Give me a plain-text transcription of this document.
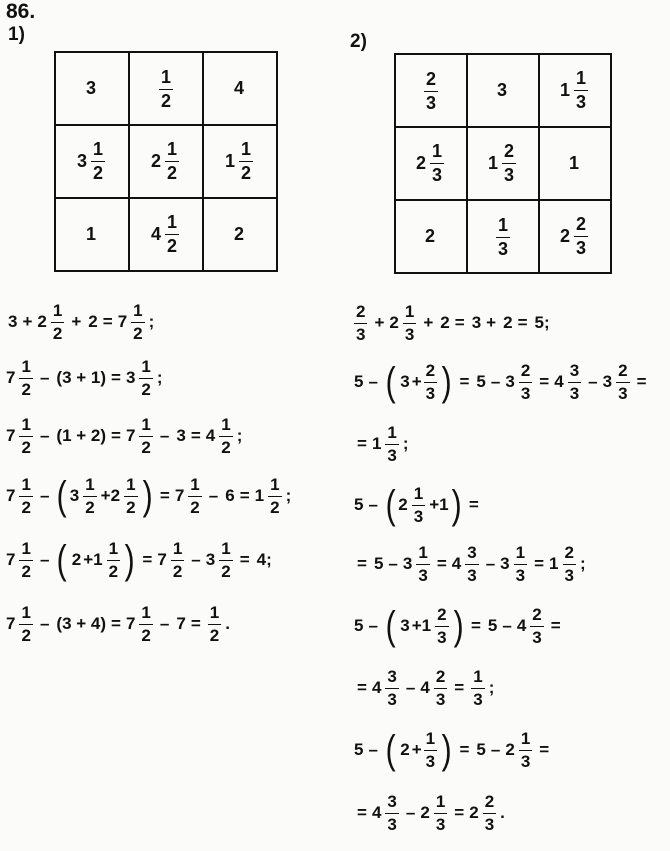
86.
1)	2)
3	$\frac{1}{2}$	4

$3 \frac{1}{2}$	$2 \frac{1}{2}$	$1 \frac{1}{2}$

1	$4 \frac{1}{2}$	2
$\frac{2}{3}$	3	$1 \frac{1}{3}$

$2 \frac{1}{3}$	$1 \frac{2}{3}$	1

2	$\frac{1}{3}$	$2 \frac{2}{3}$
$3 + 2 \frac{1}{2} + 2 = 7 \frac{1}{2}$ ;
$7 \frac{1}{2} - (3 + 1) = 3 \frac{1}{2}$ ;
$7 \frac{1}{2} - (1 + 2) = 7 \frac{1}{2} - 3 = 4 \frac{1}{2}$ ;
$7 \frac{1}{2}$ – ( $3 \frac{1}{2} + 2 \frac{1}{2}$ ) = $7 \frac{1}{2} - 6 = 1 \frac{1}{2}$ ;
$7 \frac{1}{2}$ – ( $2 + 1 \frac{1}{2}$ ) = $7 \frac{1}{2} - 3 \frac{1}{2} = 4$;
$7 \frac{1}{2} - (3 + 4) = 7 \frac{1}{2} - 7 = \frac{1}{2}$ .
$\frac{2}{3} + 2 \frac{1}{3} + 2 = 3 + 2 = 5$;
5 – ( $3 + \frac{2}{3}$ ) = $5 - 3 \frac{2}{3} = 4 \frac{3}{3} - 3 \frac{2}{3}$ =
= $1 \frac{1}{3}$ ;
5 – ( $2 \frac{1}{3} +1$ ) =
= $5 - 3 \frac{1}{3} = 4 \frac{3}{3} - 3 \frac{1}{3} = 1 \frac{2}{3}$ ;
5 – ( $3 + 1 \frac{2}{3}$ ) = $5 - 4 \frac{2}{3}$ =
= $4 \frac{3}{3} - 4 \frac{2}{3} = \frac{1}{3}$ ;
5 – ( $2 + \frac{1}{3}$ ) = $5 - 2 \frac{1}{3}$ =
= $4 \frac{3}{3} - 2 \frac{1}{3} = 2 \frac{2}{3}$ .
